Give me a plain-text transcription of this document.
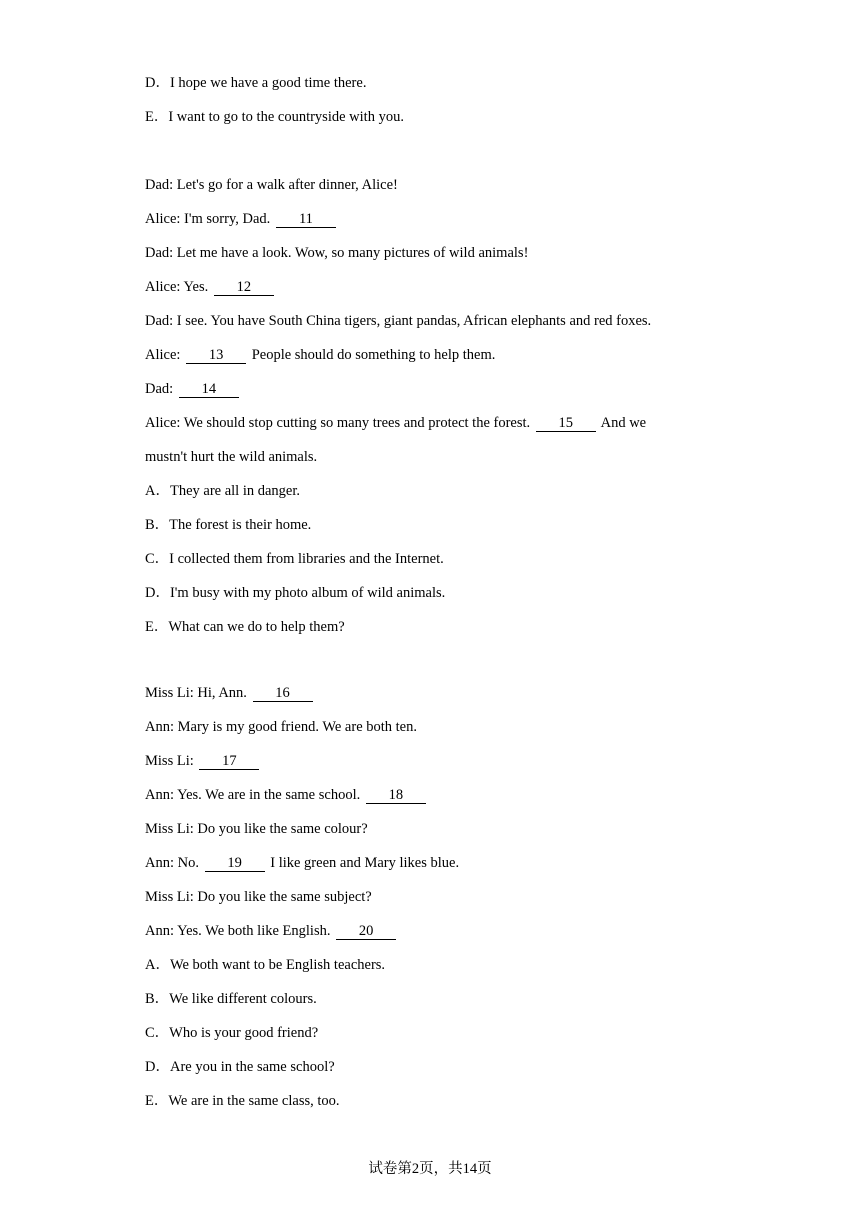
D．I hope we have a good time there.
E．I want to go to the countryside with you.
Dad: Let's go for a walk after dinner, Alice!
Alice: I'm sorry, Dad. 11
Dad: Let me have a look. Wow, so many pictures of wild animals!
Alice: Yes. 12
Dad: I see. You have South China tigers, giant pandas, African elephants and red foxes.
Alice: 13 People should do something to help them.
Dad: 14
Alice: We should stop cutting so many trees and protect the forest. 15 And we
mustn't hurt the wild animals.
A．They are all in danger.
B．The forest is their home.
C．I collected them from libraries and the Internet.
D．I'm busy with my photo album of wild animals.
E．What can we do to help them?
Miss Li: Hi, Ann. 16
Ann: Mary is my good friend. We are both ten.
Miss Li: 17
Ann: Yes. We are in the same school. 18
Miss Li: Do you like the same colour?
Ann: No. 19 I like green and Mary likes blue.
Miss Li: Do you like the same subject?
Ann: Yes. We both like English. 20
A．We both want to be English teachers.
B．We like different colours.
C．Who is your good friend?
D．Are you in the same school?
E．We are in the same class, too.
试卷第2页，共14页
